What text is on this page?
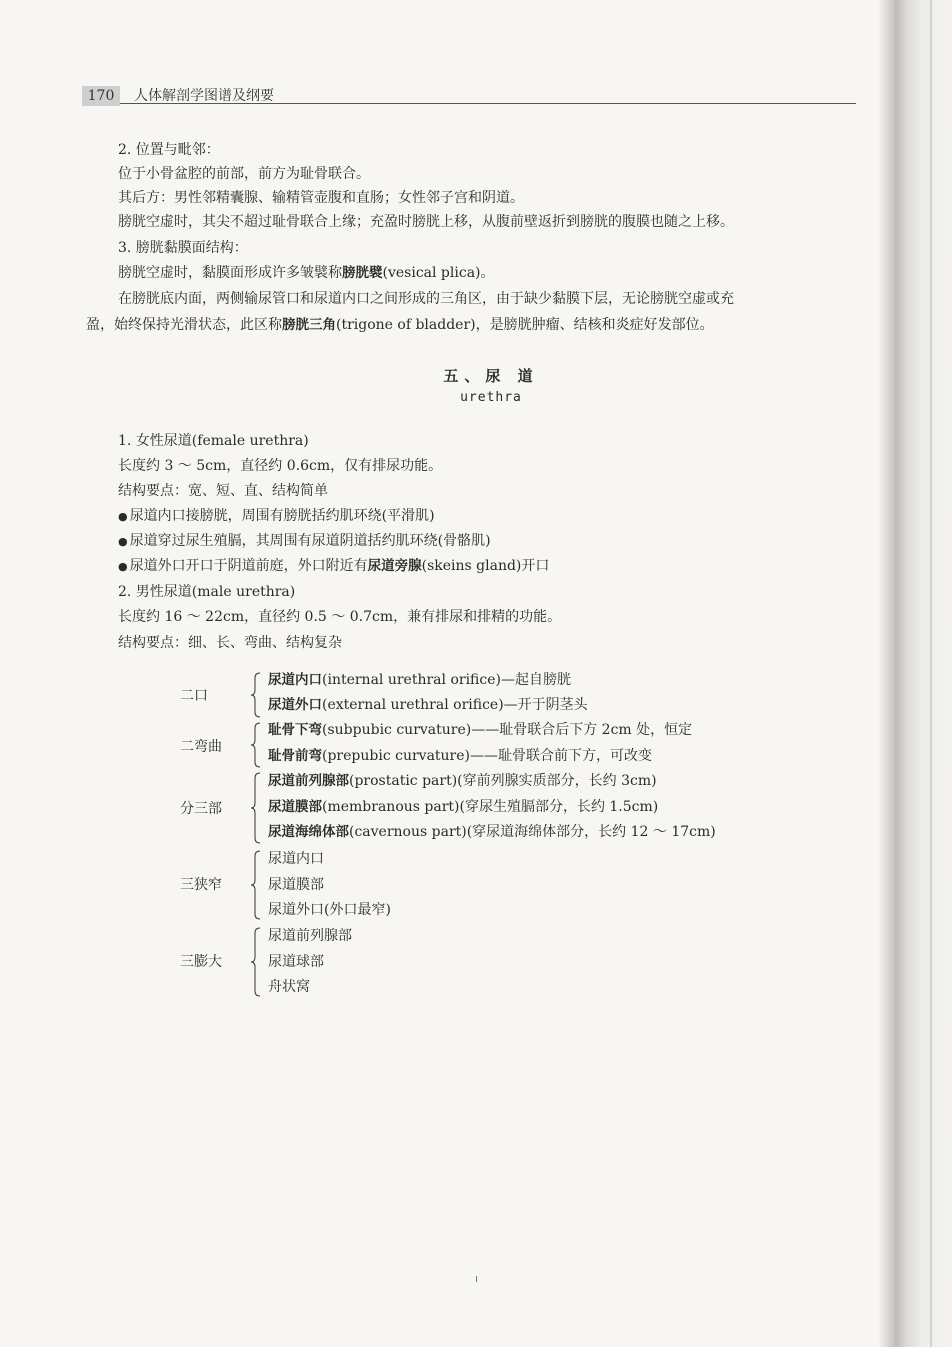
170	人体解剖学图谱及纲要
2. 位置与毗邻：
位于小骨盆腔的前部，前方为耻骨联合。
其后方：男性邻精囊腺、输精管壶腹和直肠；女性邻子宫和阴道。
膀胱空虚时，其尖不超过耻骨联合上缘；充盈时膀胱上移，从腹前壁返折到膀胱的腹膜也随之上移。
3. 膀胱黏膜面结构：
膀胱空虚时，黏膜面形成许多皱襞称膀胱襞(vesical plica)。
在膀胱底内面，两侧输尿管口和尿道内口之间形成的三角区，由于缺少黏膜下层，无论膀胱空虚或充
盈，始终保持光滑状态，此区称膀胱三角(trigone of bladder)，是膀胱肿瘤、结核和炎症好发部位。
五、尿 道
urethra
1. 女性尿道(female urethra)
长度约 3 ～ 5cm，直径约 0.6cm，仅有排尿功能。
结构要点：宽、短、直、结构简单
● 尿道内口接膀胱，周围有膀胱括约肌环绕(平滑肌)
● 尿道穿过尿生殖膈，其周围有尿道阴道括约肌环绕(骨骼肌)
● 尿道外口开口于阴道前庭，外口附近有尿道旁腺(skeins gland)开口
2. 男性尿道(male urethra)
长度约 16 ～ 22cm，直径约 0.5 ～ 0.7cm，兼有排尿和排精的功能。
结构要点：细、长、弯曲、结构复杂
二口
尿道内口(internal urethral orifice)—起自膀胱
尿道外口(external urethral orifice)—开于阴茎头
二弯曲
耻骨下弯(subpubic curvature)——耻骨联合后下方 2cm 处，恒定
耻骨前弯(prepubic curvature)——耻骨联合前下方，可改变
分三部
尿道前列腺部(prostatic part)(穿前列腺实质部分，长约 3cm)
尿道膜部(membranous part)(穿尿生殖膈部分，长约 1.5cm)
尿道海绵体部(cavernous part)(穿尿道海绵体部分，长约 12 ～ 17cm)
三狭窄
尿道内口
尿道膜部
尿道外口(外口最窄)
三膨大
尿道前列腺部
尿道球部
舟状窝
